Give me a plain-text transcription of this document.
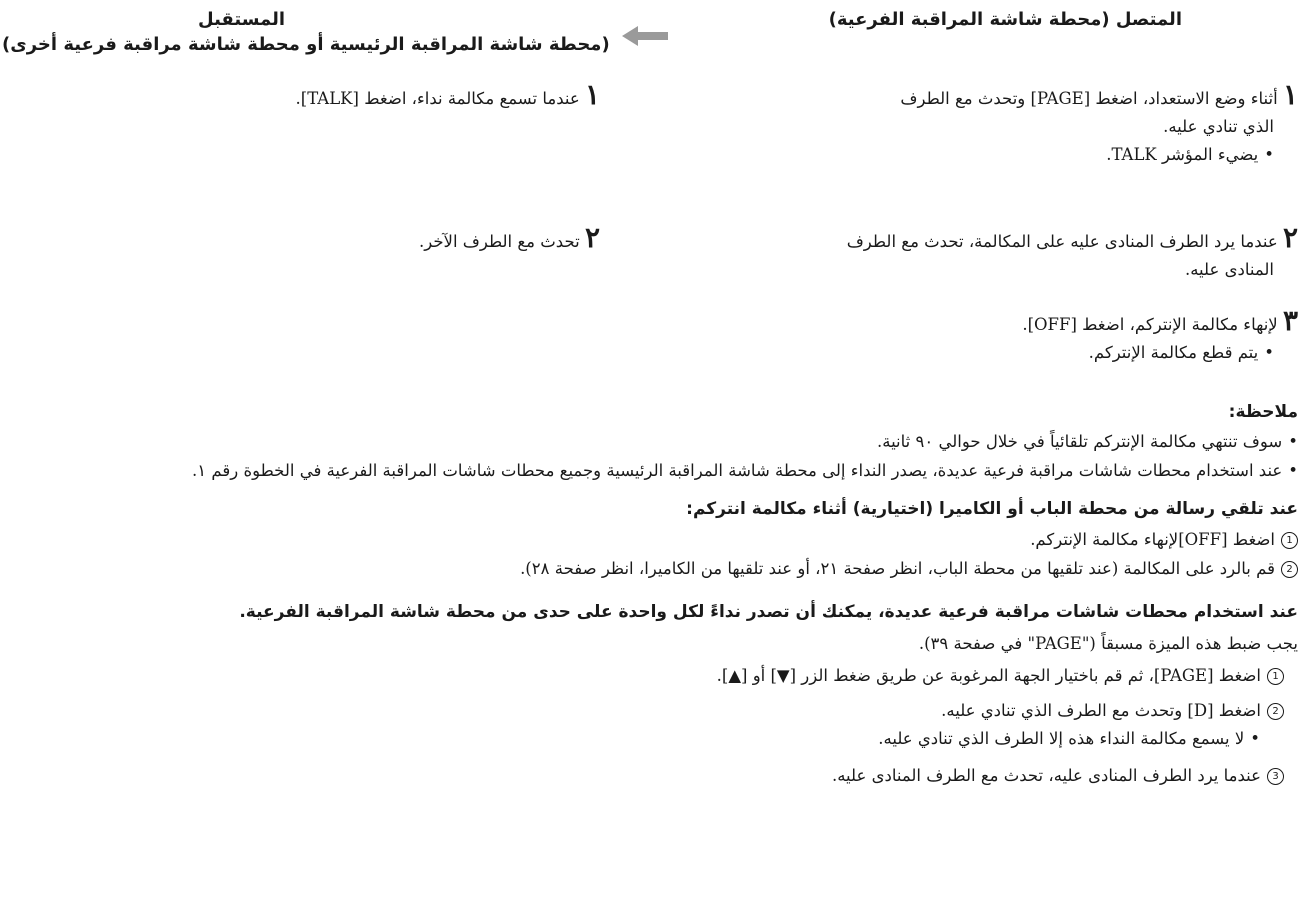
المتصل (محطة شاشة المراقبة الفرعية)
المستقبل
(محطة شاشة المراقبة الرئيسية أو محطة شاشة مراقبة فرعية أخرى)
١ أثناء وضع الاستعداد، اضغط [PAGE] وتحدث مع الطرف
الذي تنادي عليه.
• يضيء المؤشر TALK.
٢ عندما يرد الطرف المنادى عليه على المكالمة، تحدث مع الطرف
المنادى عليه.
٣ لإنهاء مكالمة الإنتركم، اضغط [OFF].
• يتم قطع مكالمة الإنتركم.
١ عندما تسمع مكالمة نداء، اضغط [TALK].
٢ تحدث مع الطرف الآخر.
ملاحظة:
• سوف تنتهي مكالمة الإنتركم تلقائياً في خلال حوالي ٩٠ ثانية.
• عند استخدام محطات شاشات مراقبة فرعية عديدة، يصدر النداء إلى محطة شاشة المراقبة الرئيسية وجميع محطات شاشات المراقبة الفرعية في الخطوة رقم ١.
عند تلقي رسالة من محطة الباب أو الكاميرا (اختيارية) أثناء مكالمة انتركم:
1اضغط [OFF]لإنهاء مكالمة الإنتركم.
2قم بالرد على المكالمة (عند تلقيها من محطة الباب، انظر صفحة ٢١، أو عند تلقيها من الكاميرا، انظر صفحة ٢٨).
عند استخدام محطات شاشات مراقبة فرعية عديدة، يمكنك أن تصدر نداءً لكل واحدة على حدى من محطة شاشة المراقبة الفرعية.
يجب ضبط هذه الميزة مسبقاً ("PAGE" في صفحة ٣٩).
1اضغط [PAGE]، ثم قم باختيار الجهة المرغوبة عن طريق ضغط الزر [▼] أو [▲].
2اضغط [D] وتحدث مع الطرف الذي تنادي عليه.
• لا يسمع مكالمة النداء هذه إلا الطرف الذي تنادي عليه.
3عندما يرد الطرف المنادى عليه، تحدث مع الطرف المنادى عليه.
